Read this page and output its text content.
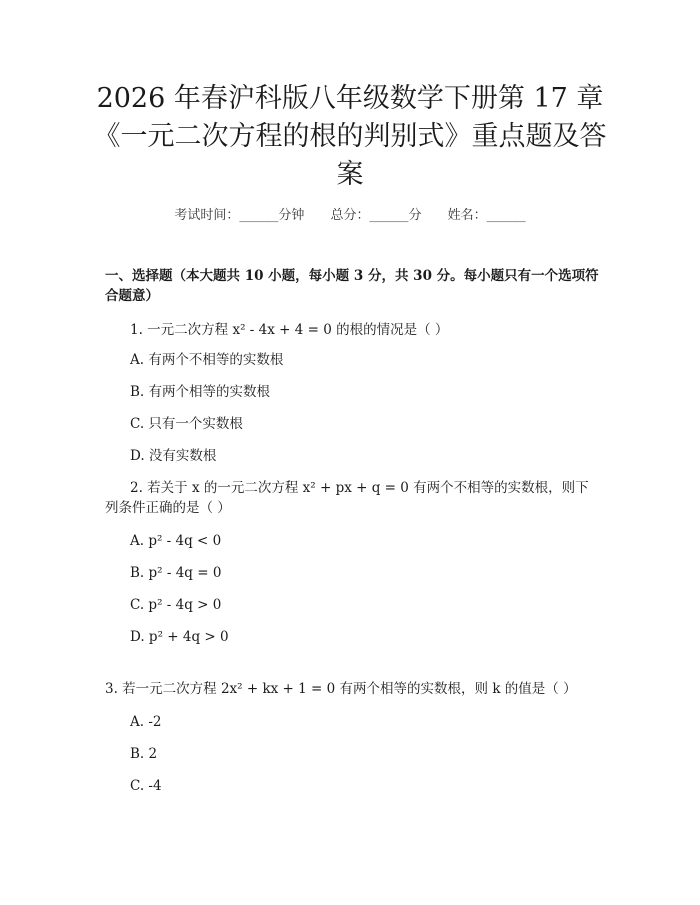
2026 年春沪科版八年级数学下册第 17 章
《一元二次方程的根的判别式》重点题及答
案
考试时间：______分钟 总分：______分 姓名：______

一、选择题（本大题共 10 小题，每小题 3 分，共 30 分。每小题只有一个选项符合题意）

1. 一元二次方程 x² - 4x + 4 = 0 的根的情况是（ ）

A. 有两个不相等的实数根

B. 有两个相等的实数根

C. 只有一个实数根

D. 没有实数根

2. 若关于 x 的一元二次方程 x² + px + q = 0 有两个不相等的实数根，则下列条件正确的是（ ）

A. p² - 4q < 0

B. p² - 4q = 0

C. p² - 4q > 0

D. p² + 4q > 0

3. 若一元二次方程 2x² + kx + 1 = 0 有两个相等的实数根，则 k 的值是（ ）

A. -2

B. 2

C. -4
